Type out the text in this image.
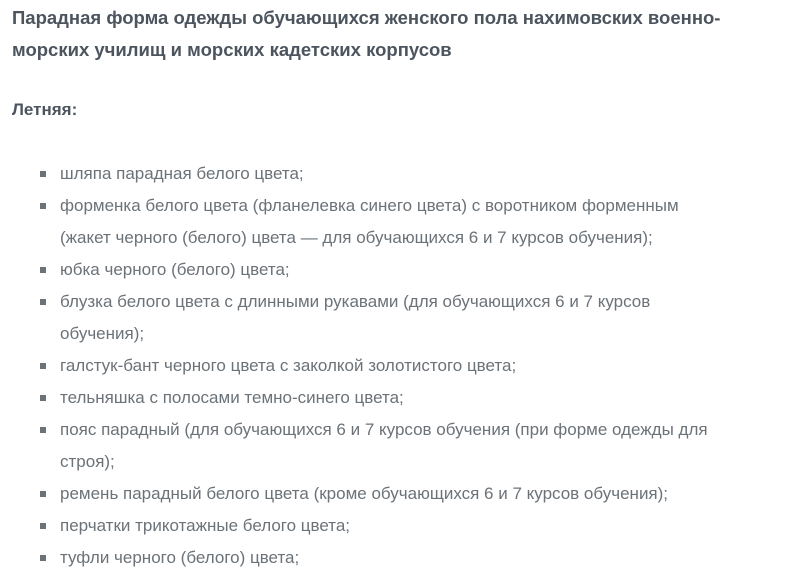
Парадная форма одежды обучающихся женского пола нахимовских военно-морских училищ и морских кадетских корпусов
Летняя:
шляпа парадная белого цвета;
форменка белого цвета (фланелевка синего цвета) с воротником форменным (жакет черного (белого) цвета — для обучающихся 6 и 7 курсов обучения);
юбка черного (белого) цвета;
блузка белого цвета с длинными рукавами (для обучающихся 6 и 7 курсов обучения);
галстук-бант черного цвета с заколкой золотистого цвета;
тельняшка с полосами темно-синего цвета;
пояс парадный (для обучающихся 6 и 7 курсов обучения (при форме одежды для строя);
ремень парадный белого цвета (кроме обучающихся 6 и 7 курсов обучения);
перчатки трикотажные белого цвета;
туфли черного (белого) цвета;
